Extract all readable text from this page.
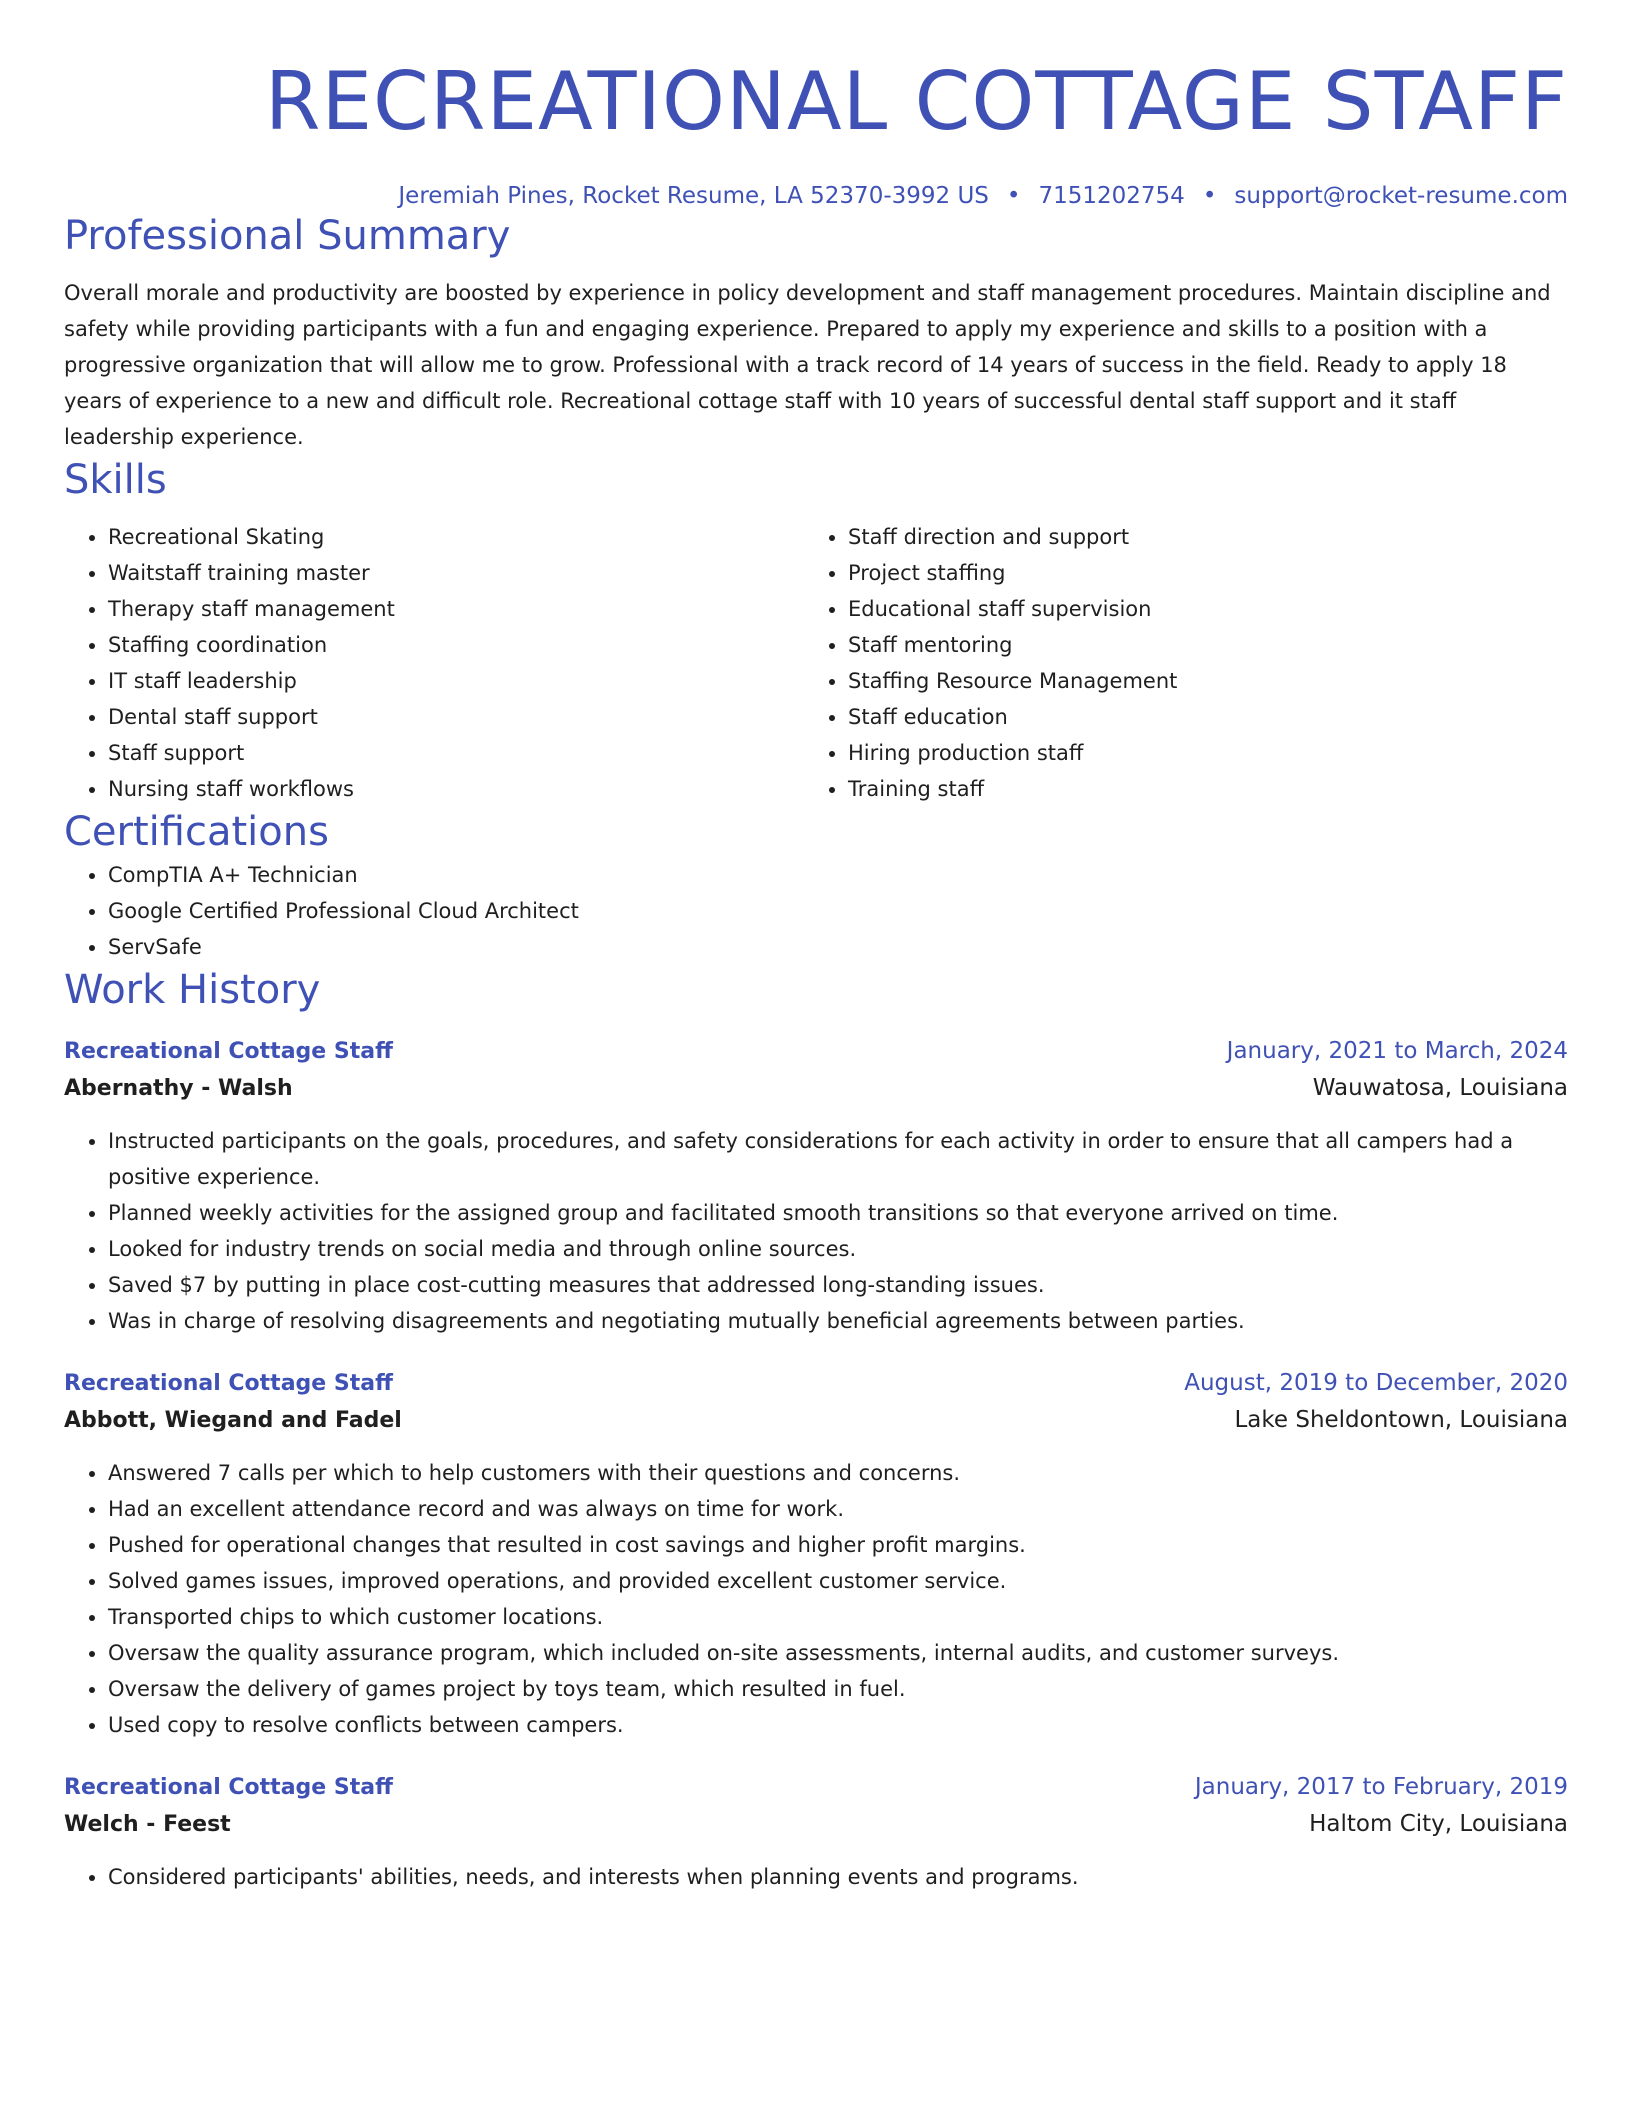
RECREATIONAL COTTAGE STAFF
Jeremiah Pines, Rocket Resume, LA 52370-3992 US • 7151202754 • support@rocket-resume.com
Professional Summary

Overall morale and productivity are boosted by experience in policy development and staff management procedures. Maintain discipline and safety while providing participants with a fun and engaging experience. Prepared to apply my experience and skills to a position with a progressive organization that will allow me to grow. Professional with a track record of 14 years of success in the field. Ready to apply 18 years of experience to a new and difficult role. Recreational cottage staff with 10 years of successful dental staff support and it staff leadership experience.

Skills
• Recreational Skating
• Waitstaff training master
• Therapy staff management
• Staffing coordination
• IT staff leadership
• Dental staff support
• Staff support
• Nursing staff workflows
• Staff direction and support
• Project staffing
• Educational staff supervision
• Staff mentoring
• Staffing Resource Management
• Staff education
• Hiring production staff
• Training staff
Certifications
• CompTIA A+ Technician
• Google Certified Professional Cloud Architect
• ServSafe
Work History
Recreational Cottage Staff	January, 2021 to March, 2024
Abernathy - Walsh	Wauwatosa, Louisiana
• Instructed participants on the goals, procedures, and safety considerations for each activity in order to ensure that all campers had a positive experience.
• Planned weekly activities for the assigned group and facilitated smooth transitions so that everyone arrived on time.
• Looked for industry trends on social media and through online sources.
• Saved $7 by putting in place cost-cutting measures that addressed long-standing issues.
• Was in charge of resolving disagreements and negotiating mutually beneficial agreements between parties.
Recreational Cottage Staff	August, 2019 to December, 2020
Abbott, Wiegand and Fadel	Lake Sheldontown, Louisiana
• Answered 7 calls per which to help customers with their questions and concerns.
• Had an excellent attendance record and was always on time for work.
• Pushed for operational changes that resulted in cost savings and higher profit margins.
• Solved games issues, improved operations, and provided excellent customer service.
• Transported chips to which customer locations.
• Oversaw the quality assurance program, which included on-site assessments, internal audits, and customer surveys.
• Oversaw the delivery of games project by toys team, which resulted in fuel.
• Used copy to resolve conflicts between campers.
Recreational Cottage Staff	January, 2017 to February, 2019
Welch - Feest	Haltom City, Louisiana
• Considered participants' abilities, needs, and interests when planning events and programs.
